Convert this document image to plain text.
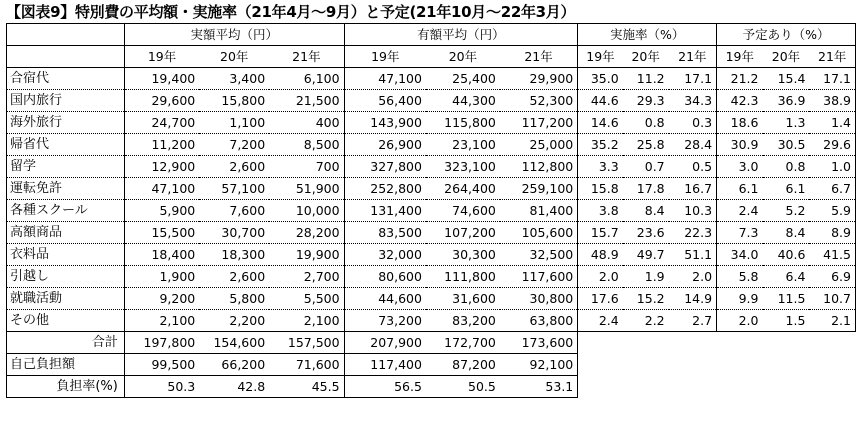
【図表9】特別費の平均額・実施率（21年4月～9月）と予定(21年10月～22年3月）
	実額平均（円）			有額平均（円）			実施率（%）			予定あり（%）		
	19年	20年	21年	19年	20年	21年	19年	20年	21年	19年	20年	21年
合宿代	19,400	3,400	6,100	47,100	25,400	29,900	35.0	11.2	17.1	21.2	15.4	17.1
国内旅行	29,600	15,800	21,500	56,400	44,300	52,300	44.6	29.3	34.3	42.3	36.9	38.9
海外旅行	24,700	1,100	400	143,900	115,800	117,200	14.6	0.8	0.3	18.6	1.3	1.4
帰省代	11,200	7,200	8,500	26,900	23,100	25,000	35.2	25.8	28.4	30.9	30.5	29.6
留学	12,900	2,600	700	327,800	323,100	112,800	3.3	0.7	0.5	3.0	0.8	1.0
運転免許	47,100	57,100	51,900	252,800	264,400	259,100	15.8	17.8	16.7	6.1	6.1	6.7
各種スクール	5,900	7,600	10,000	131,400	74,600	81,400	3.8	8.4	10.3	2.4	5.2	5.9
高額商品	15,500	30,700	28,200	83,500	107,200	105,600	15.7	23.6	22.3	7.3	8.4	8.9
衣料品	18,400	18,300	19,900	32,000	30,300	32,500	48.9	49.7	51.1	34.0	40.6	41.5
引越し	1,900	2,600	2,700	80,600	111,800	117,600	2.0	1.9	2.0	5.8	6.4	6.9
就職活動	9,200	5,800	5,500	44,600	31,600	30,800	17.6	15.2	14.9	9.9	11.5	10.7
その他	2,100	2,200	2,100	73,200	83,200	63,800	2.4	2.2	2.7	2.0	1.5	2.1
合計	197,800	154,600	157,500	207,900	172,700	173,600						
自己負担額	99,500	66,200	71,600	117,400	87,200	92,100						
負担率(%)	50.3	42.8	45.5	56.5	50.5	53.1						
